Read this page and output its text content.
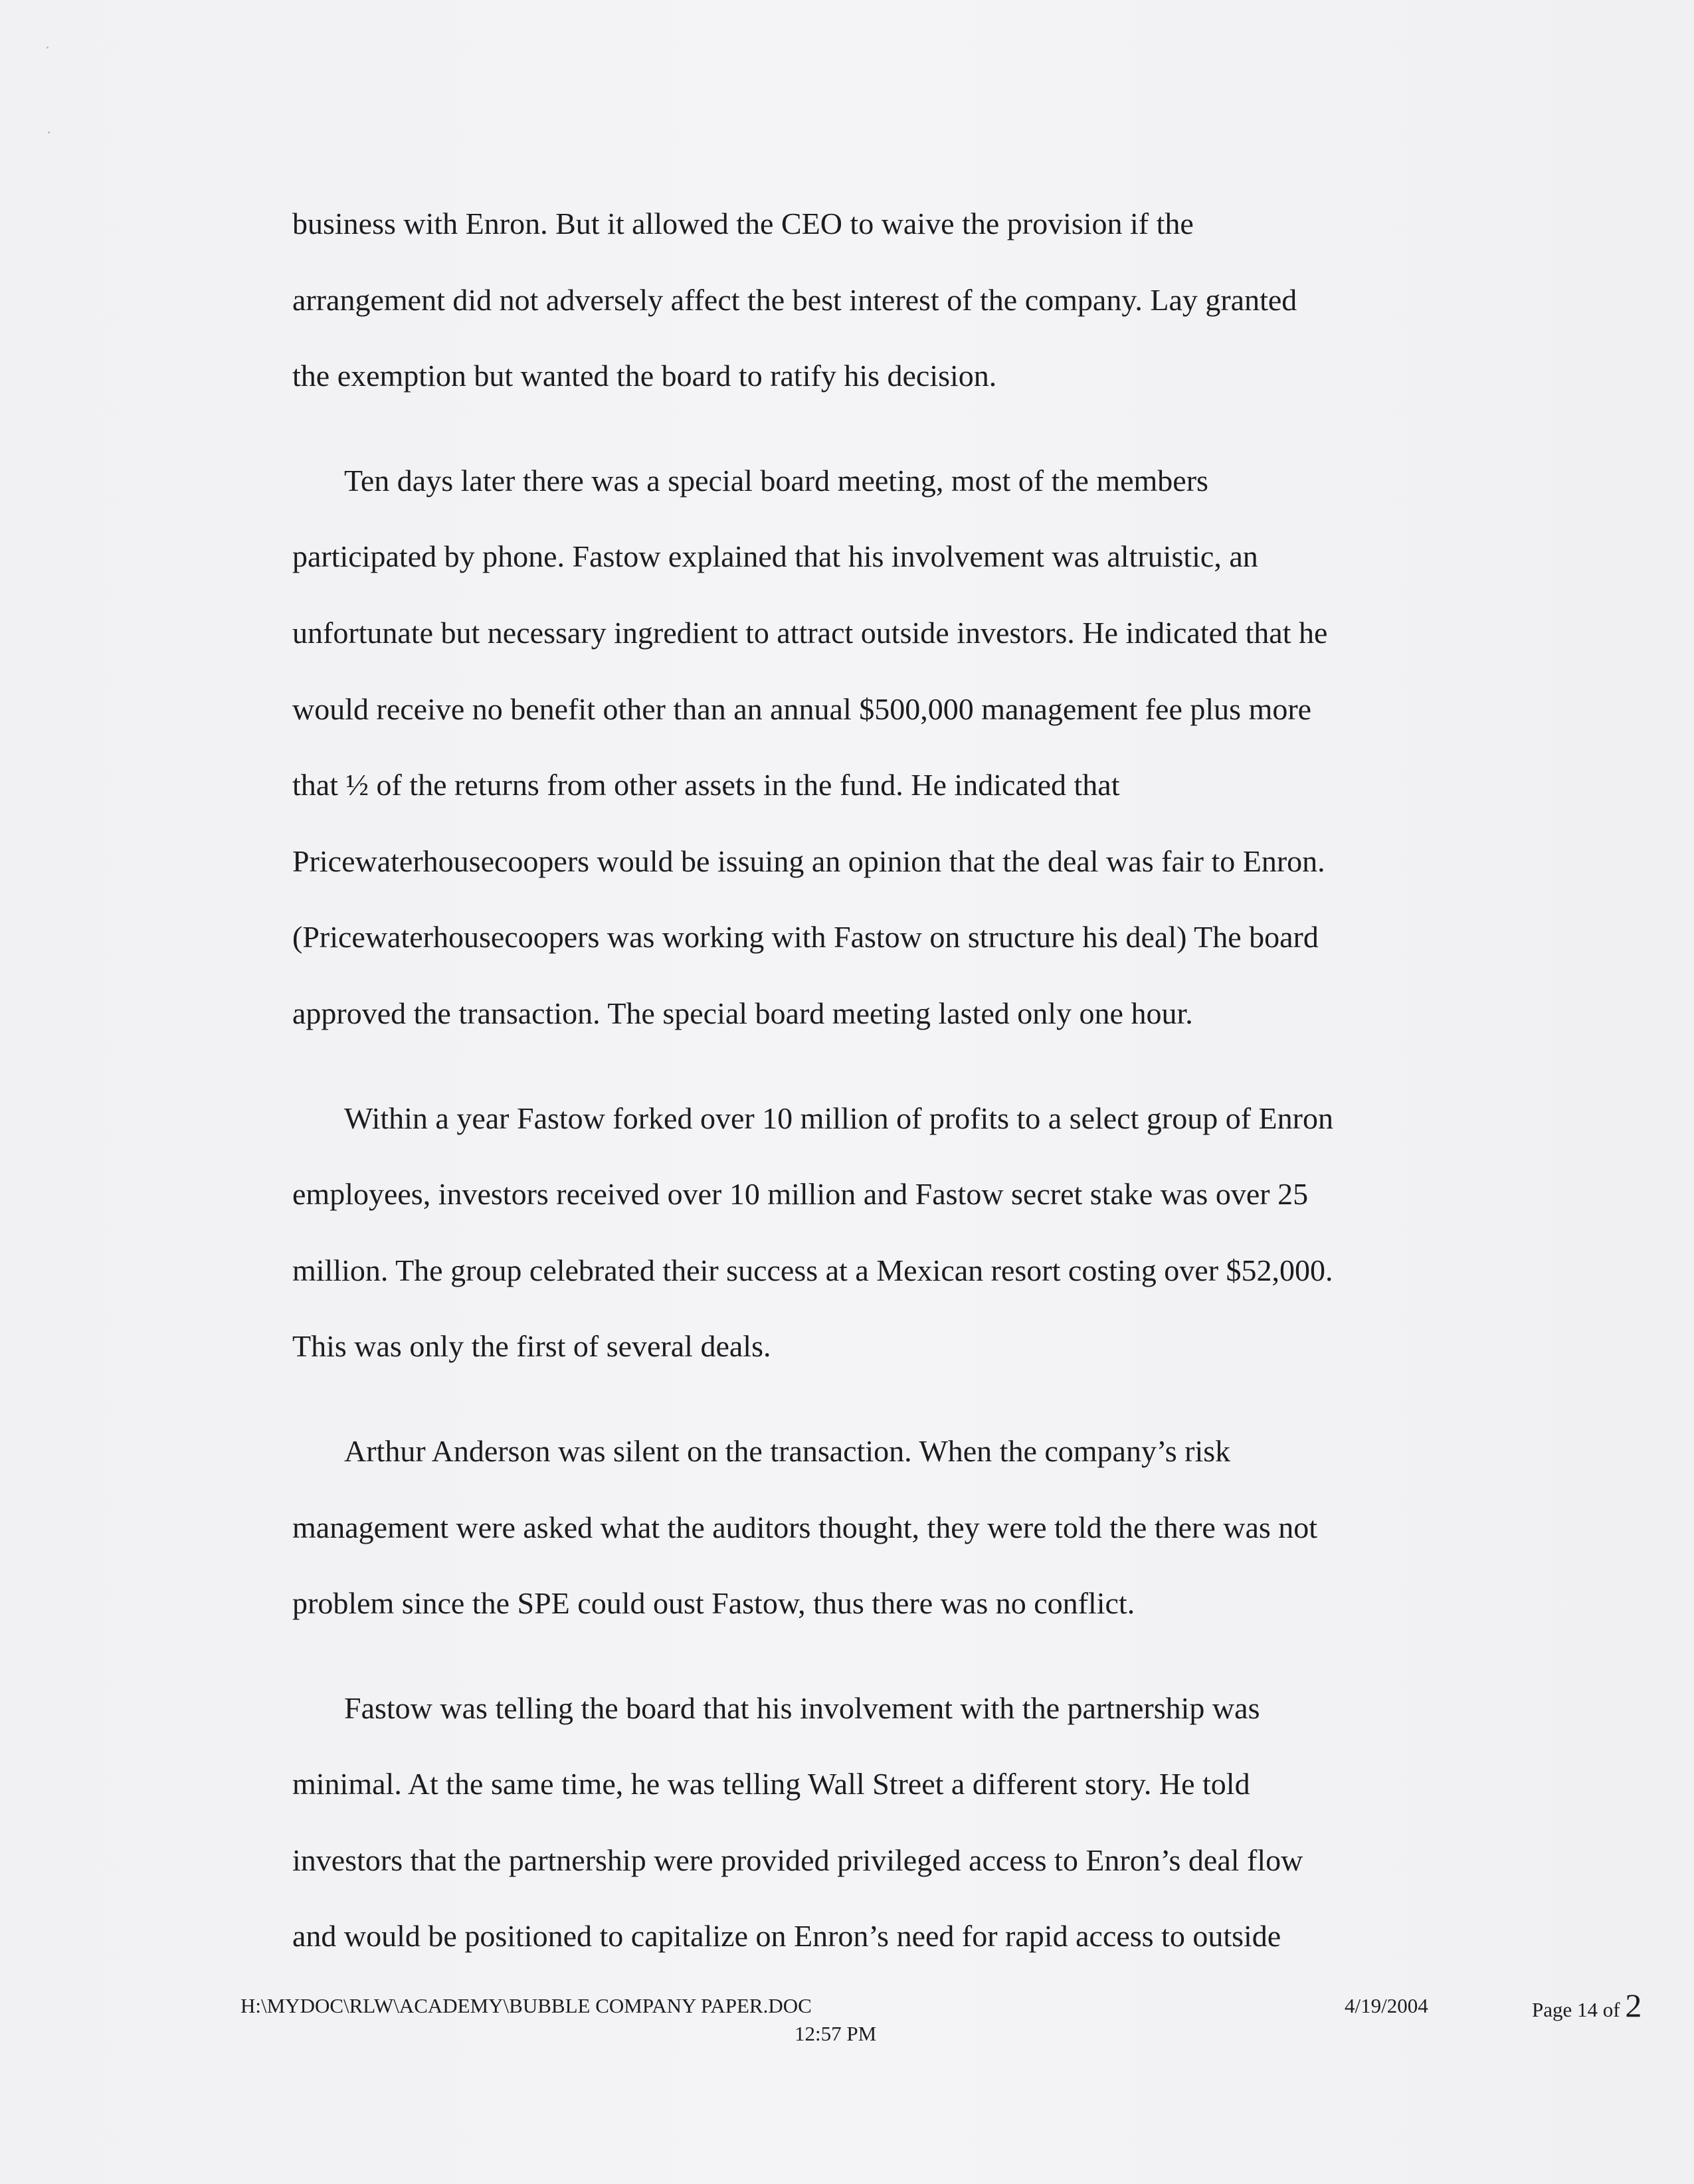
business with Enron. But it allowed the CEO to waive the provision if the
arrangement did not adversely affect the best interest of the company. Lay granted
the exemption but wanted the board to ratify his decision.

Ten days later there was a special board meeting, most of the members
participated by phone. Fastow explained that his involvement was altruistic, an
unfortunate but necessary ingredient to attract outside investors. He indicated that he
would receive no benefit other than an annual $500,000 management fee plus more
that ½ of the returns from other assets in the fund. He indicated that
Pricewaterhousecoopers would be issuing an opinion that the deal was fair to Enron.
(Pricewaterhousecoopers was working with Fastow on structure his deal) The board
approved the transaction. The special board meeting lasted only one hour.

Within a year Fastow forked over 10 million of profits to a select group of Enron
employees, investors received over 10 million and Fastow secret stake was over 25
million. The group celebrated their success at a Mexican resort costing over $52,000.
This was only the first of several deals.

Arthur Anderson was silent on the transaction. When the company’s risk
management were asked what the auditors thought, they were told the there was not
problem since the SPE could oust Fastow, thus there was no conflict.

Fastow was telling the board that his involvement with the partnership was
minimal. At the same time, he was telling Wall Street a different story. He told
investors that the partnership were provided privileged access to Enron’s deal flow
and would be positioned to capitalize on Enron’s need for rapid access to outside

H:\MYDOC\RLW\ACADEMY\BUBBLE COMPANY PAPER.DOC
12:57 PM
4/19/2004	Page 14 of 2
